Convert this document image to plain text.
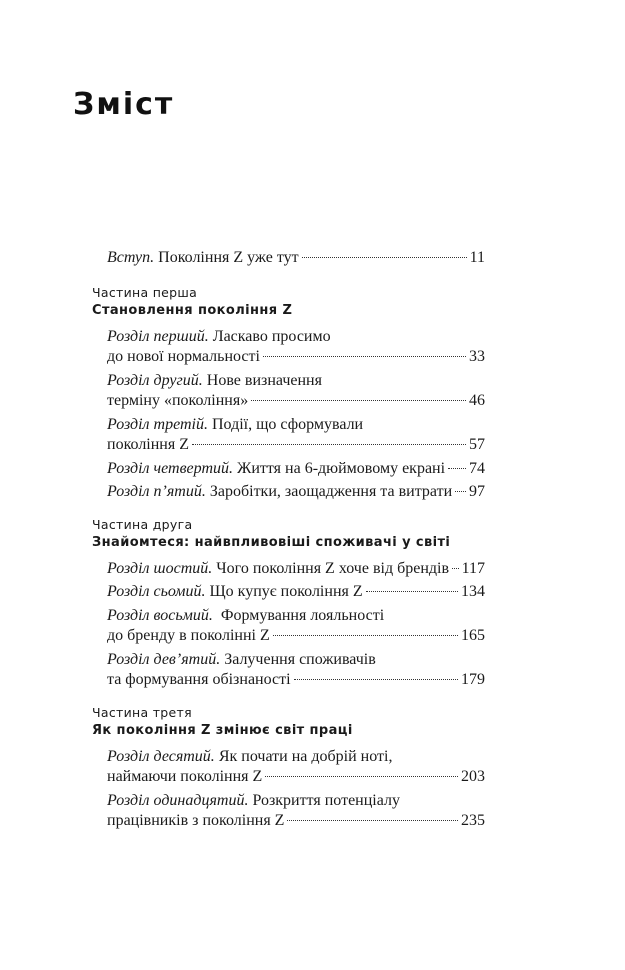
Зміст
Вступ. Покоління Z уже тут	11
Частина перша
Становлення покоління Z
Розділ перший. Ласкаво просимо
до нової нормальності	33
Розділ другий. Нове визначення
терміну «покоління»	46
Розділ третій. Події, що сформували
покоління Z	57
Розділ четвертий. Життя на 6-дюймовому екрані 74
Розділ п’ятий. Заробітки, заощадження та витрати 97
Частина друга
Знайомтеся: найвпливовіші споживачі у світі
Розділ шостий. Чого покоління Z хоче від брендів 117
Розділ сьомий. Що купує покоління Z	134
Розділ восьмий.  Формування лояльності
до бренду в поколінні Z	165
Розділ дев’ятий. Залучення споживачів
та формування обізнаності	179
Частина третя
Як покоління Z змінює світ праці
Розділ десятий. Як почати на добрій ноті,
наймаючи покоління Z	203
Розділ одинадцятий. Розкриття потенціалу
працівників з покоління Z	235
